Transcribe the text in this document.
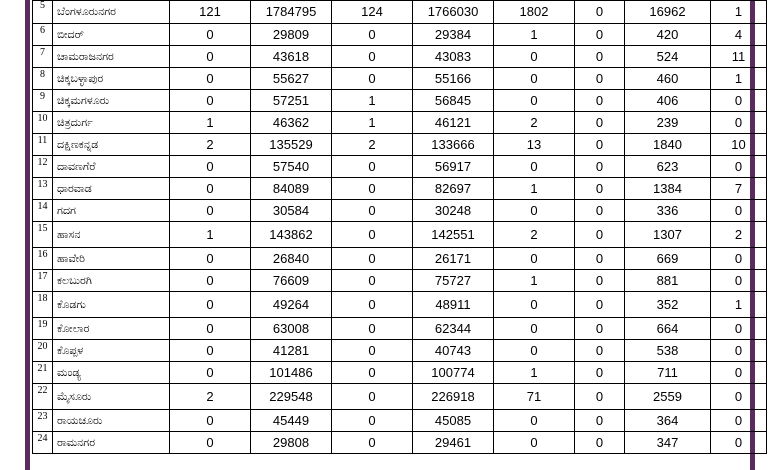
5	ಬೆಂಗಳೂರುನಗರ	121	1784795	124	1766030	1802	0	16962	1
6	ಬೀದರ್	0	29809	0	29384	1	0	420	4
7	ಚಾಮರಾಜನಗರ	0	43618	0	43083	0	0	524	11
8	ಚಿಕ್ಕಬಳ್ಳಾಪುರ	0	55627	0	55166	0	0	460	1
9	ಚಿಕ್ಕಮಗಳೂರು	0	57251	1	56845	0	0	406	0
10	ಚಿತ್ರದುರ್ಗ	1	46362	1	46121	2	0	239	0
11	ದಕ್ಷಿಣಕನ್ನಡ	2	135529	2	133666	13	0	1840	10
12	ದಾವಣಗೆರೆ	0	57540	0	56917	0	0	623	0
13	ಧಾರವಾಡ	0	84089	0	82697	1	0	1384	7
14	ಗದಗ	0	30584	0	30248	0	0	336	0
15	ಹಾಸನ	1	143862	0	142551	2	0	1307	2
16	ಹಾವೇರಿ	0	26840	0	26171	0	0	669	0
17	ಕಲಬುರಗಿ	0	76609	0	75727	1	0	881	0
18	ಕೊಡಗು	0	49264	0	48911	0	0	352	1
19	ಕೋಲಾರ	0	63008	0	62344	0	0	664	0
20	ಕೊಪ್ಪಳ	0	41281	0	40743	0	0	538	0
21	ಮಂಡ್ಯ	0	101486	0	100774	1	0	711	0
22	ಮೈಸೂರು	2	229548	0	226918	71	0	2559	0
23	ರಾಯಚೂರು	0	45449	0	45085	0	0	364	0
24	ರಾಮನಗರ	0	29808	0	29461	0	0	347	0
